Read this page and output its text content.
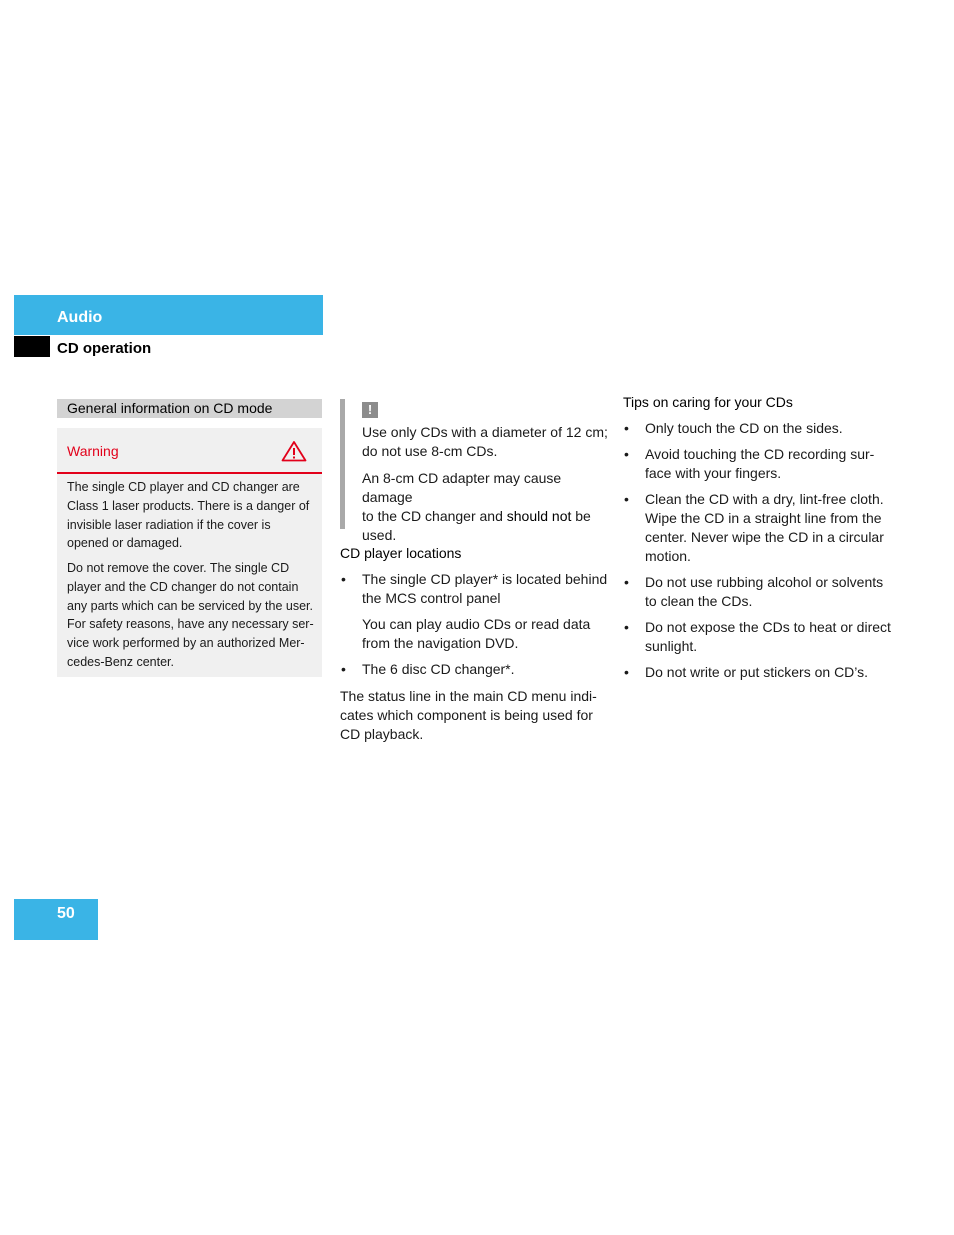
Audio
CD operation
General information on CD mode
Warning

The single CD player and CD changer are
Class 1 laser products. There is a danger of
invisible laser radiation if the cover is
opened or damaged.

Do not remove the cover. The single CD
player and the CD changer do not contain
any parts which can be serviced by the user.
For safety reasons, have any necessary ser-
vice work performed by an authorized Mer-
cedes-Benz center.

!

Use only CDs with a diameter of 12 cm;
do not use 8-cm CDs.

An 8-cm CD adapter may cause damage
to the CD changer and should not be
used.

CD player locations

• The single CD player* is located behind
the MCS control panel

You can play audio CDs or read data
from the navigation DVD.

• The 6 disc CD changer*.

The status line in the main CD menu indi-
cates which component is being used for
CD playback.

Tips on caring for your CDs

• Only touch the CD on the sides.

• Avoid touching the CD recording sur-
face with your fingers.

• Clean the CD with a dry, lint-free cloth.
Wipe the CD in a straight line from the
center. Never wipe the CD in a circular
motion.

• Do not use rubbing alcohol or solvents
to clean the CDs.

• Do not expose the CDs to heat or direct
sunlight.

• Do not write or put stickers on CD’s.

50
